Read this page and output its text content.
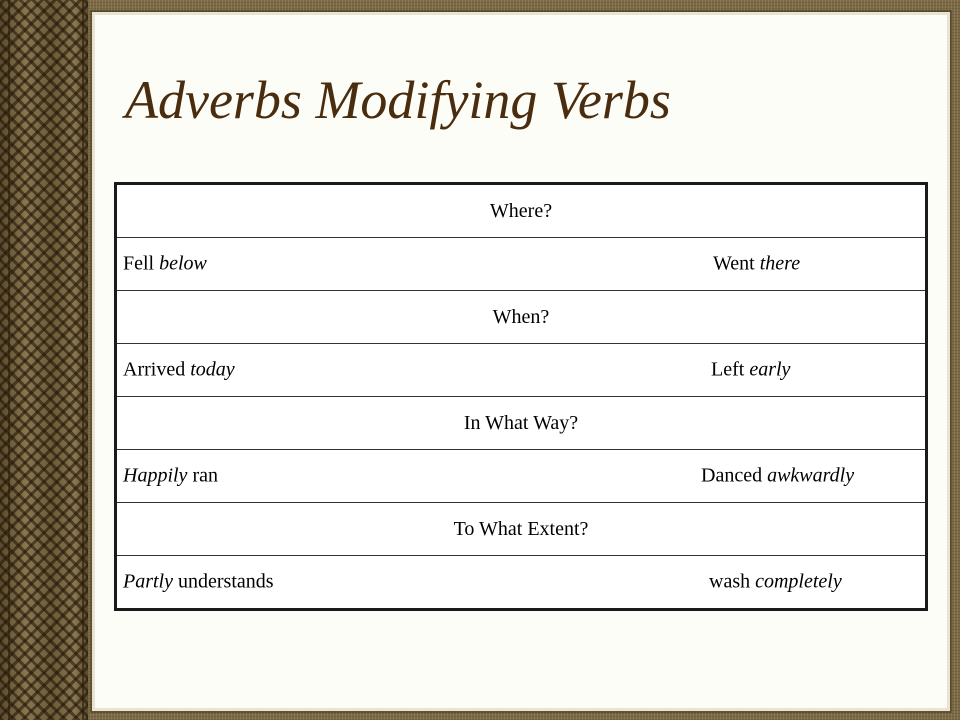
Adverbs Modifying Verbs
Where?

Fell below	Went there

When?

Arrived today	Left early

In What Way?

Happily ran	Danced awkwardly

To What Extent?

Partly understands	wash completely
